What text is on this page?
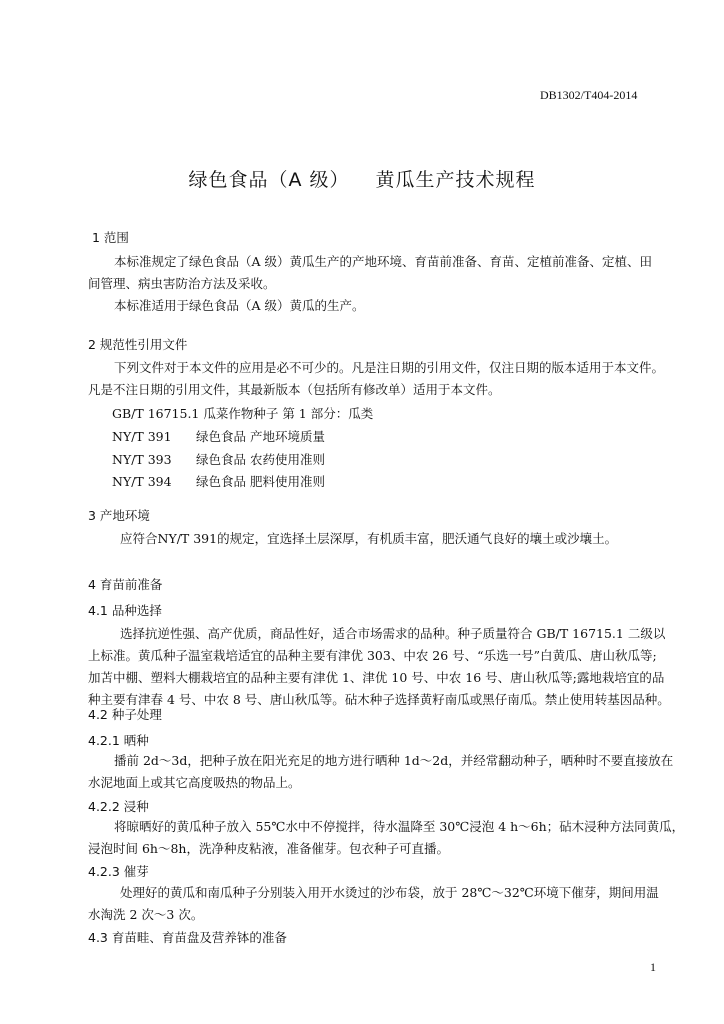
DB1302/T404-2014
绿色食品（A 级） 黄瓜生产技术规程
1 范围
本标准规定了绿色食品（A 级）黄瓜生产的产地环境、育苗前准备、育苗、定植前准备、定植、田
间管理、病虫害防治方法及采收。
本标准适用于绿色食品（A 级）黄瓜的生产。
2 规范性引用文件
下列文件对于本文件的应用是必不可少的。凡是注日期的引用文件，仅注日期的版本适用于本文件。
凡是不注日期的引用文件，其最新版本（包括所有修改单）适用于本文件。
GB/T 16715.1 瓜菜作物种子 第 1 部分：瓜类
NY/T 391 绿色食品 产地环境质量
NY/T 393 绿色食品 农药使用准则
NY/T 394 绿色食品 肥料使用准则
3 产地环境
应符合NY/T 391的规定，宜选择土层深厚，有机质丰富，肥沃通气良好的壤土或沙壤土。
4 育苗前准备
4.1 品种选择
选择抗逆性强、高产优质，商品性好，适合市场需求的品种。种子质量符合 GB/T 16715.1 二级以
上标准。黄瓜种子温室栽培适宜的品种主要有津优 303、中农 26 号、“乐选一号”白黄瓜、唐山秋瓜等;
加苫中棚、塑料大棚栽培宜的品种主要有津优 1、津优 10 号、中农 16 号、唐山秋瓜等;露地栽培宜的品
种主要有津春 4 号、中农 8 号、唐山秋瓜等。砧木种子选择黄籽南瓜或黑仔南瓜。禁止使用转基因品种。
4.2 种子处理
4.2.1 晒种
播前 2d～3d，把种子放在阳光充足的地方进行晒种 1d～2d，并经常翻动种子，晒种时不要直接放在
水泥地面上或其它高度吸热的物品上。
4.2.2 浸种
将晾晒好的黄瓜种子放入 55℃水中不停搅拌，待水温降至 30℃浸泡 4 h～6h；砧木浸种方法同黄瓜，
浸泡时间 6h～8h，洗净种皮粘液，准备催芽。包衣种子可直播。
4.2.3 催芽
处理好的黄瓜和南瓜种子分别装入用开水烫过的沙布袋，放于 28℃～32℃环境下催芽，期间用温
水淘洗 2 次～3 次。
4.3 育苗畦、育苗盘及营养钵的准备
1
